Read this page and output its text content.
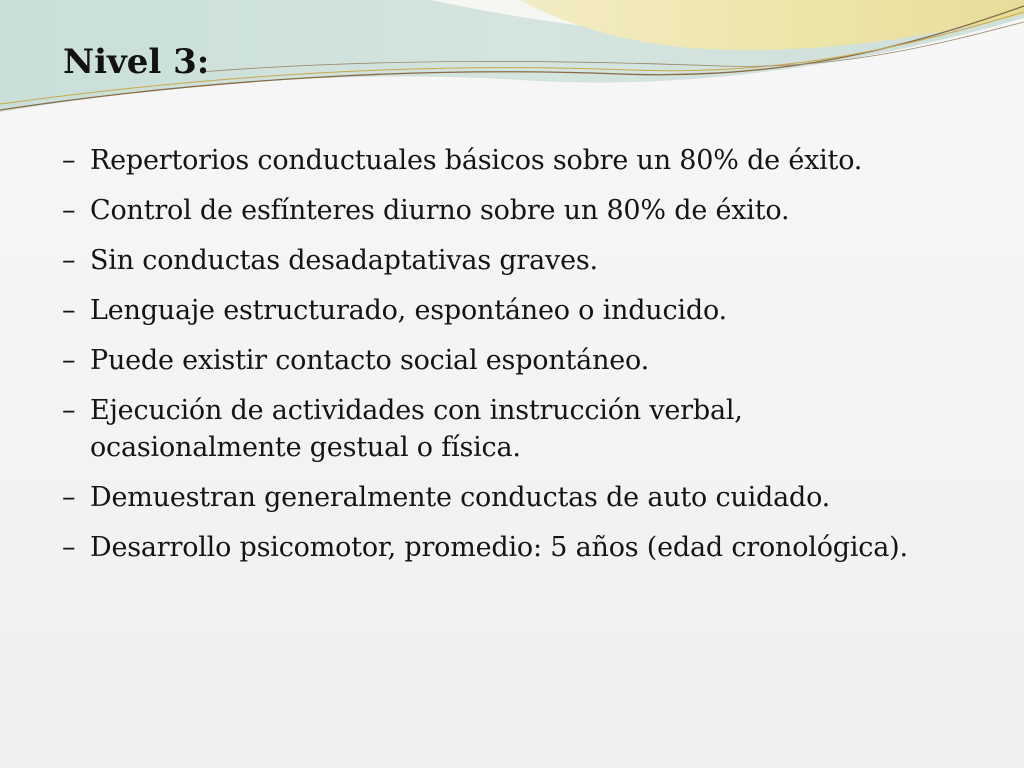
Nivel 3:
– Repertorios conductuales básicos sobre un 80% de éxito.
– Control de esfínteres diurno sobre un 80% de éxito.
– Sin conductas desadaptativas graves.
– Lenguaje estructurado, espontáneo o inducido.
– Puede existir contacto social espontáneo.
– Ejecución de actividades con instrucción verbal, ocasionalmente gestual o física.
– Demuestran generalmente conductas de auto cuidado.
– Desarrollo psicomotor, promedio: 5 años (edad cronológica).
